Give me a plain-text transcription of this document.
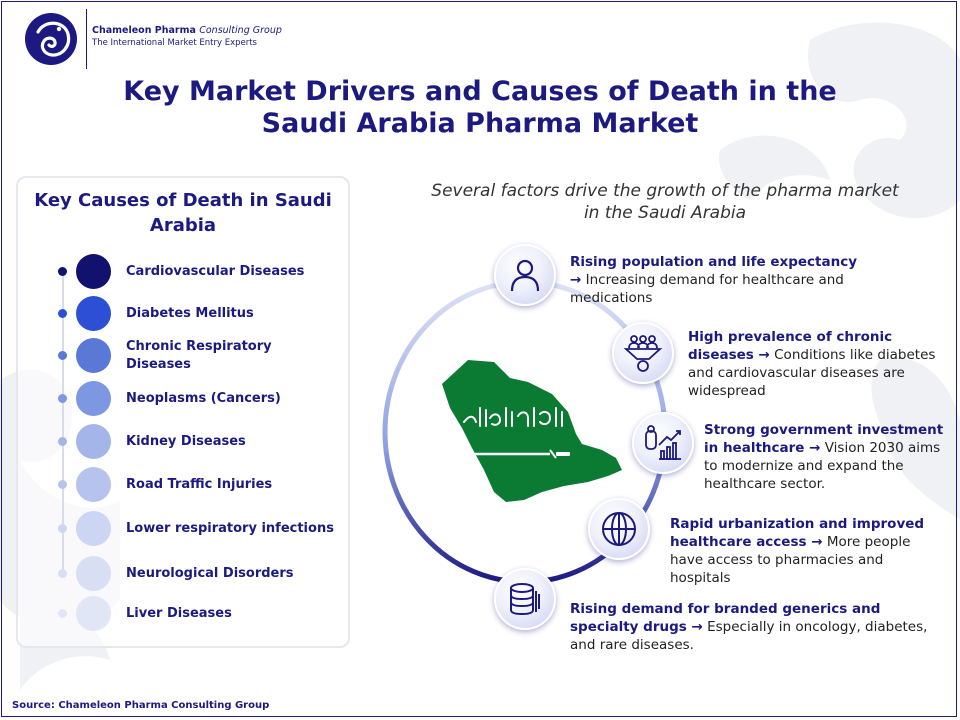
Chameleon Pharma Consulting Group
The International Market Entry Experts
Key Market Drivers and Causes of Death in the
Saudi Arabia Pharma Market
Key Causes of Death in Saudi Arabia
Cardiovascular Diseases
Diabetes Mellitus
Chronic Respiratory Diseases
Neoplasms (Cancers)
Kidney Diseases
Road Traffic Injuries
Lower respiratory infections
Neurological Disorders
Liver Diseases
Several factors drive the growth of the pharma market in the Saudi Arabia
Rising population and life expectancy → Increasing demand for healthcare and medications
High prevalence of chronic diseases → Conditions like diabetes and cardiovascular diseases are widespread
Strong government investment in healthcare → Vision 2030 aims to modernize and expand the healthcare sector.
Rapid urbanization and improved healthcare access → More people have access to pharmacies and hospitals
Rising demand for branded generics and specialty drugs → Especially in oncology, diabetes, and rare diseases.
Source: Chameleon Pharma Consulting Group
